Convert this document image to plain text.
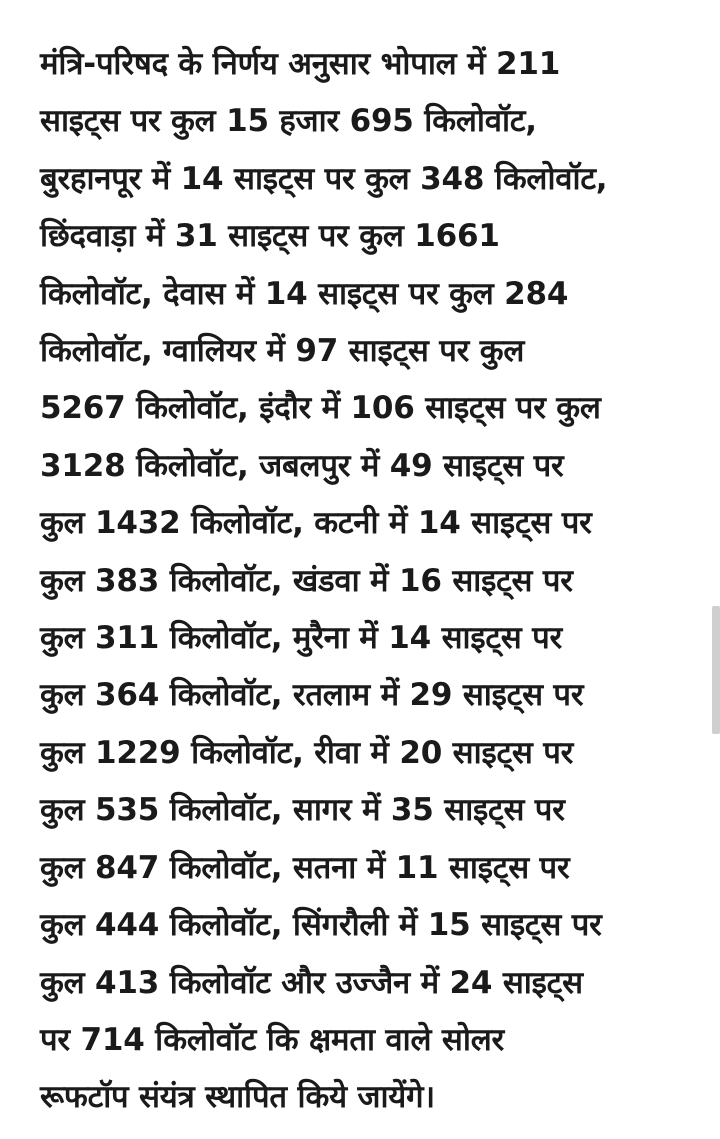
मंत्रि-परिषद के निर्णय अनुसार भोपाल में 211
साइट्स पर कुल 15 हजार 695 किलोवॉट,
बुरहानपूर में 14 साइट्स पर कुल 348 किलोवॉट,
छिंदवाड़ा में 31 साइट्स पर कुल 1661
किलोवॉट, देवास में 14 साइट्स पर कुल 284
किलोवॉट, ग्वालियर में 97 साइट्स पर कुल
5267 किलोवॉट, इंदौर में 106 साइट्स पर कुल
3128 किलोवॉट, जबलपुर में 49 साइट्स पर
कुल 1432 किलोवॉट, कटनी में 14 साइट्स पर
कुल 383 किलोवॉट, खंडवा में 16 साइट्स पर
कुल 311 किलोवॉट, मुरैना में 14 साइट्स पर
कुल 364 किलोवॉट, रतलाम में 29 साइट्स पर
कुल 1229 किलोवॉट, रीवा में 20 साइट्स पर
कुल 535 किलोवॉट, सागर में 35 साइट्स पर
कुल 847 किलोवॉट, सतना में 11 साइट्स पर
कुल 444 किलोवॉट, सिंगरौली में 15 साइट्स पर
कुल 413 किलोवॉट और उज्जैन में 24 साइट्स
पर 714 किलोवॉट कि क्षमता वाले सोलर
रूफटॉप संयंत्र स्थापित किये जायेंगे।
